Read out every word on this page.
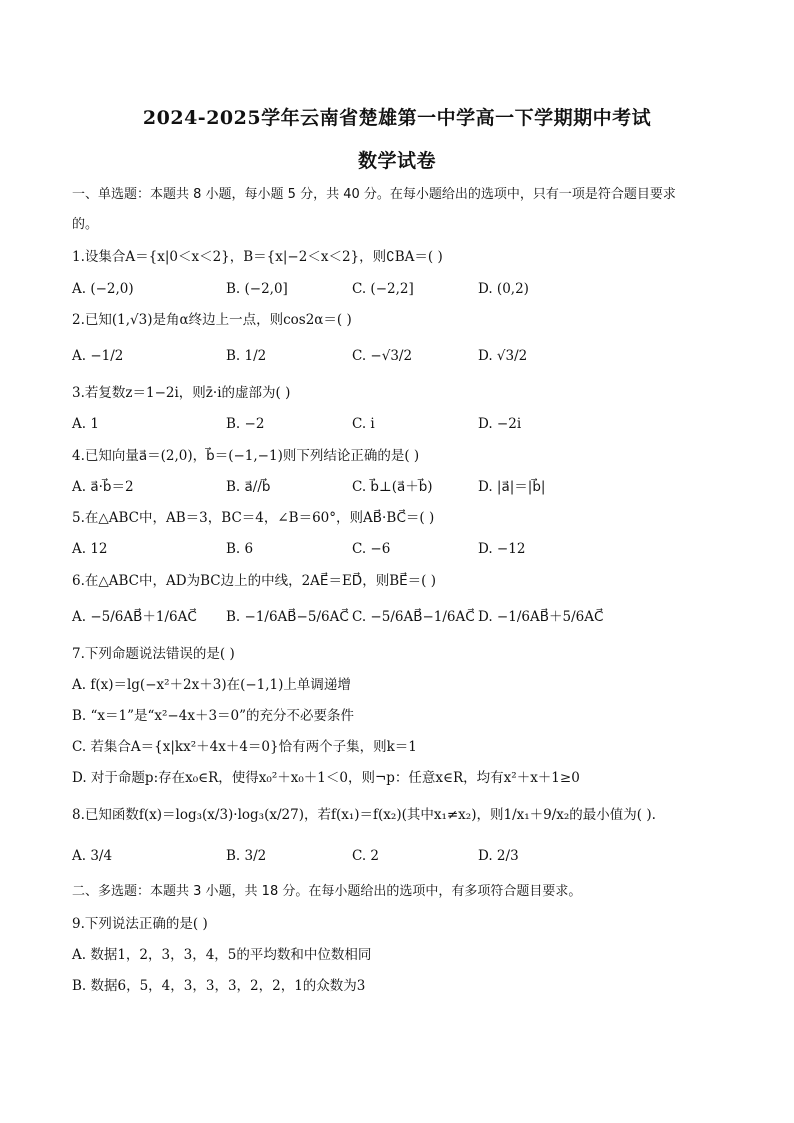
2024-2025学年云南省楚雄第一中学高一下学期期中考试
数学试卷
一、单选题：本题共 8 小题，每小题 5 分，共 40 分。在每小题给出的选项中，只有一项是符合题目要求
的。
1.设集合A＝{x|0＜x＜2}，B＝{x|−2＜x＜2}，则∁BA＝( )
A. (−2,0)	B. (−2,0]	C. (−2,2]	D. (0,2)
2.已知(1,√3)是角α终边上一点，则cos2α＝( )
A. −1/2	B. 1/2	C. −√3/2	D. √3/2
3.若复数z＝1−2i，则z̄·i的虚部为( )
A. 1	B. −2	C. i	D. −2i
4.已知向量a⃗＝(2,0)，b⃗＝(−1,−1)则下列结论正确的是( )
A. a⃗·b⃗＝2	B. a⃗//b⃗	C. b⃗⊥(a⃗＋b⃗)	D. |a⃗|＝|b⃗|
5.在△ABC中，AB＝3，BC＝4，∠B＝60°，则AB⃗·BC⃗＝( )
A. 12	B. 6	C. −6	D. −12
6.在△ABC中，AD为BC边上的中线，2AE⃗＝ED⃗，则BE⃗＝( )
A. −5/6AB⃗＋1/6AC⃗ B. −1/6AB⃗−5/6AC⃗ C. −5/6AB⃗−1/6AC⃗ D. −1/6AB⃗＋5/6AC⃗
7.下列命题说法错误的是( )
A. f(x)＝lg(−x²＋2x＋3)在(−1,1)上单调递增
B. “x＝1”是“x²−4x＋3＝0”的充分不必要条件
C. 若集合A＝{x|kx²＋4x＋4＝0}恰有两个子集，则k＝1
D. 对于命题p:存在x₀∈R，使得x₀²＋x₀＋1＜0，则¬p：任意x∈R，均有x²＋x＋1≥0
8.已知函数f(x)＝log₃(x/3)·log₃(x/27)，若f(x₁)＝f(x₂)(其中x₁≠x₂)，则1/x₁＋9/x₂的最小值为( ).
A. 3/4	B. 3/2	C. 2	D. 2/3
二、多选题：本题共 3 小题，共 18 分。在每小题给出的选项中，有多项符合题目要求。
9.下列说法正确的是( )
A. 数据1，2，3，3，4，5的平均数和中位数相同
B. 数据6，5，4，3，3，3，2，2，1的众数为3
